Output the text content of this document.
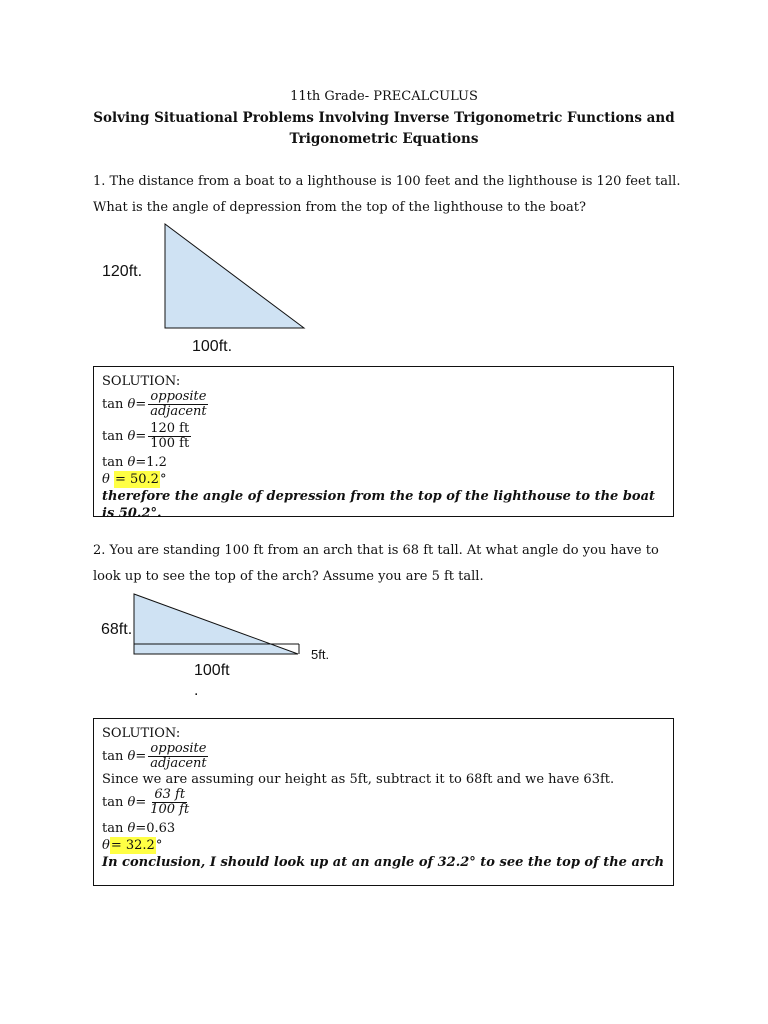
11th Grade- PRECALCULUS
Solving Situational Problems Involving Inverse Trigonometric Functions and
Trigonometric Equations
1. The distance from a boat to a lighthouse is 100 feet and the lighthouse is 120 feet tall.
What is the angle of depression from the top of the lighthouse to the boat?
120ft.
100ft.
SOLUTION:
tan
$\theta = \frac{\text{opposite}}{\text{adjacent}}$
tan
$\theta = \frac{120 ft}{100 ft}$
tan
θ = 1.2
θ
= 50.2 °
therefore the angle of depression from the top of the lighthouse to the boat is 50.2°.
2. You are standing 100 ft from an arch that is 68 ft tall. At what angle do you have to
look up to see the top of the arch? Assume you are 5 ft tall.
68ft.
5ft.
100ft
.
SOLUTION:
tan
$\theta = \frac{\text{opposite}}{\text{adjacent}}$
Since we are assuming our height as 5ft, subtract it to 68ft and we have 63ft.
tan
$\theta = \frac{63 ft}{100 ft}$
tan
θ = 0.63
θ = 32.2 °
In conclusion, I should look up at an angle of 32.2° to see the top of the arch
